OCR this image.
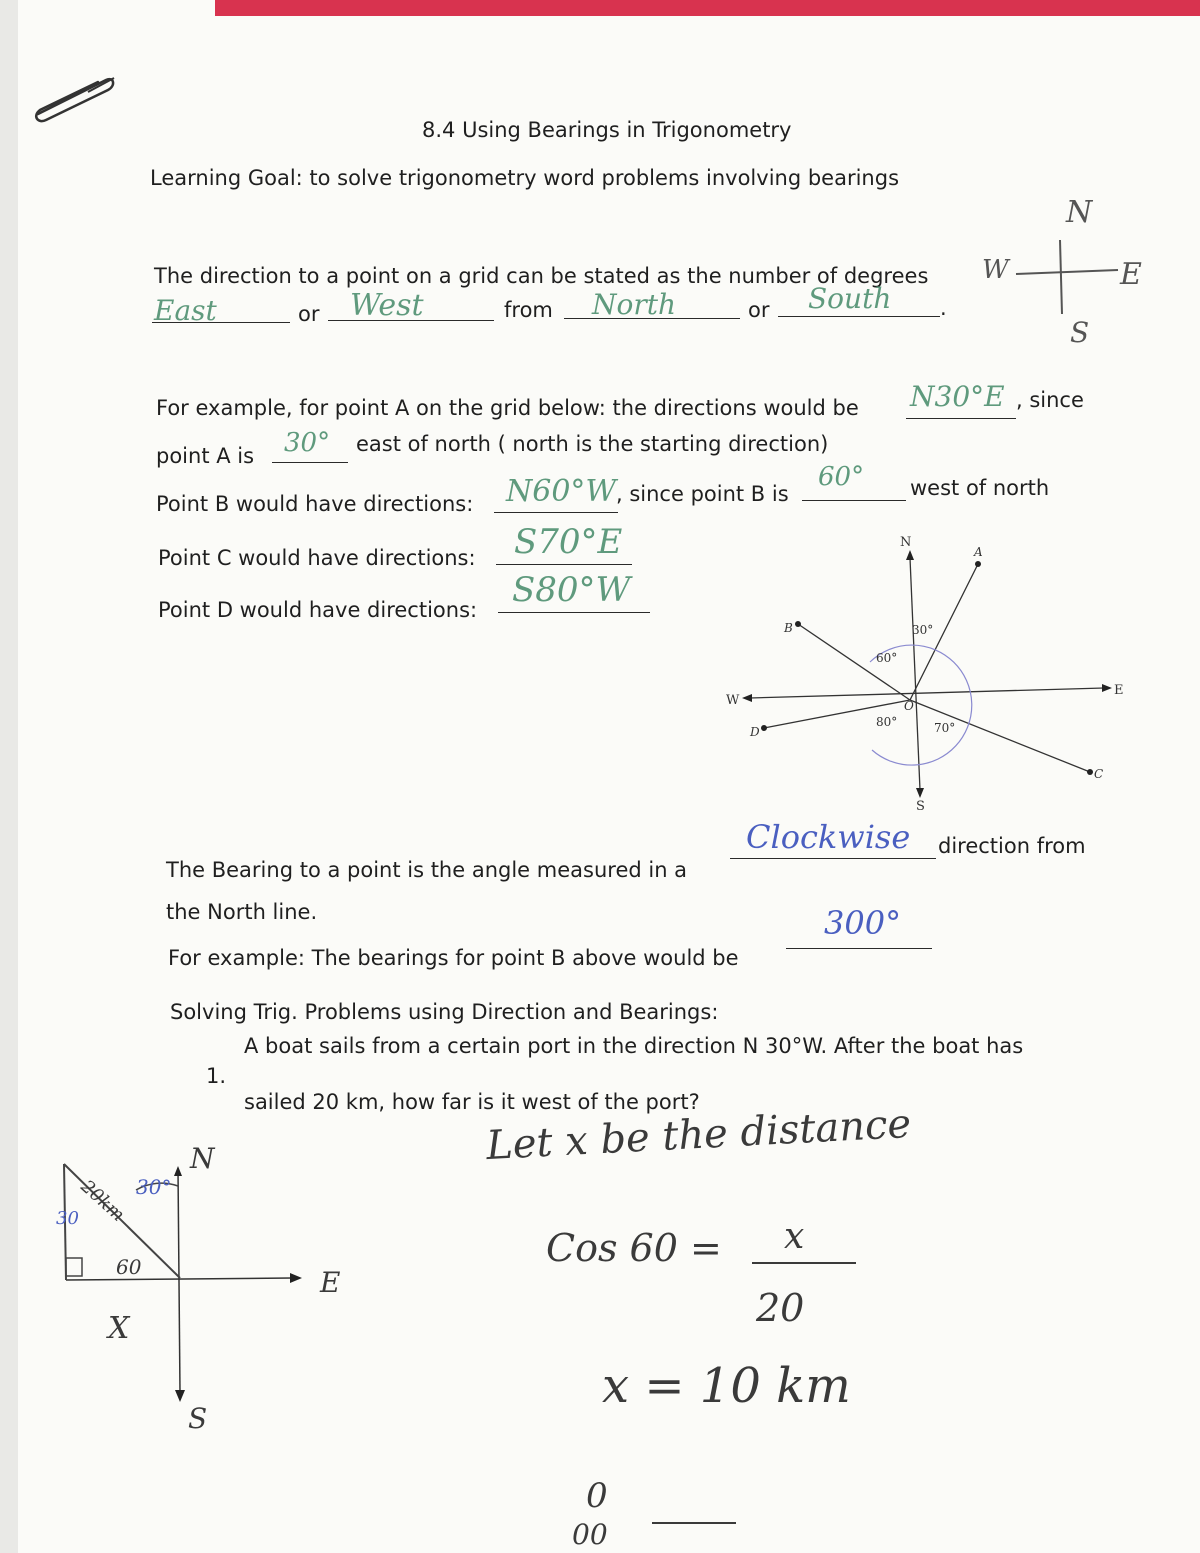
8.4 Using Bearings in Trigonometry
Learning Goal: to solve trigonometry word problems involving bearings
The direction to a point on a grid can be stated as the number of degrees
East	or West	from North	or South .
N
E
S
W
For example, for point A on the grid below: the directions would be N30°E , since
point A is 30° east of north ( north is the starting direction)
Point B would have directions: N60°W , since point B is
60° west of north
Point C would have directions: S70°E
Point D would have directions: S80°W
N
S
E
W
A
B
C
D
O
30°
60°
80°	70°
The Bearing to a point is the angle measured in a
Clockwise direction from
the North line.
For example: The bearings for point B above would be
300°
Solving Trig. Problems using Direction and Bearings:
1.
A boat sails from a certain port in the direction N 30°W. After the boat has
sailed 20 km, how far is it west of the port?
N
E
S
X
30°
30
60
20km
Let x be the distance
Cos 60 = x
20
x = 10 km
0
00
